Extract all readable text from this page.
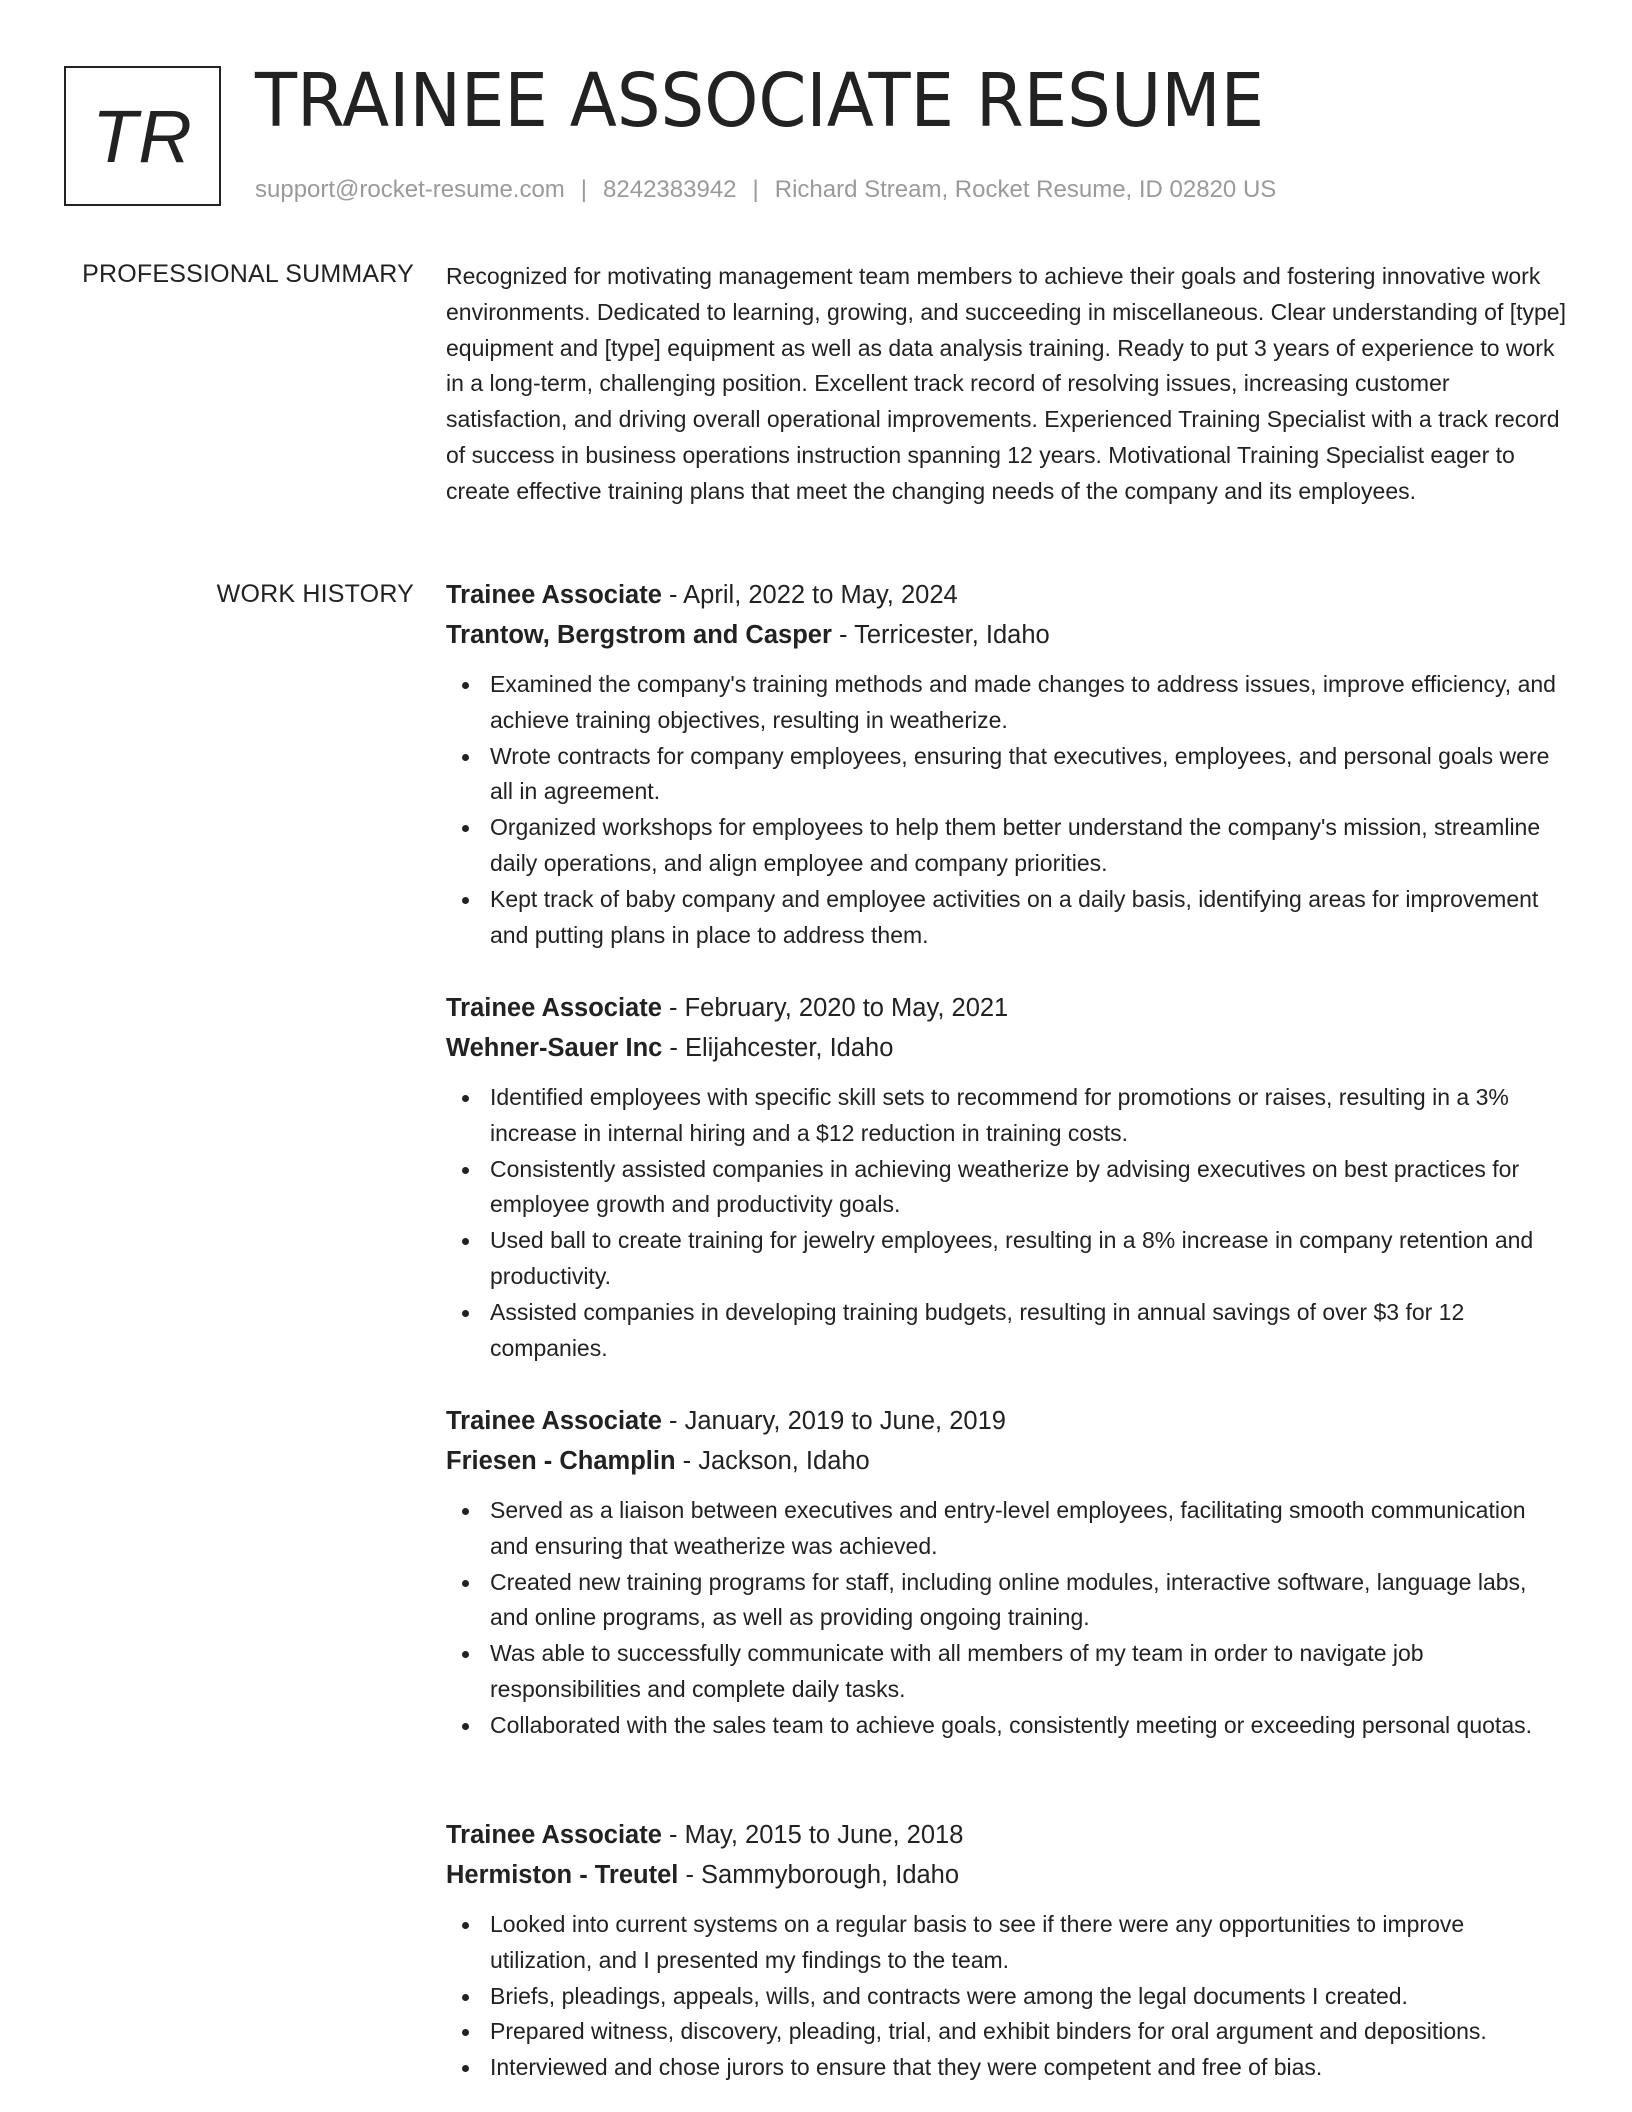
TR TRAINEE ASSOCIATE RESUME
support@rocket-resume.com | 8242383942 | Richard Stream, Rocket Resume, ID 02820 US
PROFESSIONAL SUMMARY Recognized for motivating management team members to achieve their goals and fostering innovative work environments. Dedicated to learning, growing, and succeeding in miscellaneous. Clear understanding of [type] equipment and [type] equipment as well as data analysis training. Ready to put 3 years of experience to work in a long-term, challenging position. Excellent track record of resolving issues, increasing customer satisfaction, and driving overall operational improvements. Experienced Training Specialist with a track record of success in business operations instruction spanning 12 years. Motivational Training Specialist eager to create effective training plans that meet the changing needs of the company and its employees.

WORK HISTORY Trainee Associate - April, 2022 to May, 2024
Trantow, Bergstrom and Casper - Terricester, Idaho
Examined the company's training methods and made changes to address issues, improve efficiency, and achieve training objectives, resulting in weatherize.
Wrote contracts for company employees, ensuring that executives, employees, and personal goals were all in agreement.
Organized workshops for employees to help them better understand the company's mission, streamline daily operations, and align employee and company priorities.
Kept track of baby company and employee activities on a daily basis, identifying areas for improvement and putting plans in place to address them.
Trainee Associate - February, 2020 to May, 2021
Wehner-Sauer Inc - Elijahcester, Idaho
Identified employees with specific skill sets to recommend for promotions or raises, resulting in a 3% increase in internal hiring and a $12 reduction in training costs.
Consistently assisted companies in achieving weatherize by advising executives on best practices for employee growth and productivity goals.
Used ball to create training for jewelry employees, resulting in a 8% increase in company retention and productivity.
Assisted companies in developing training budgets, resulting in annual savings of over $3 for 12 companies.
Trainee Associate - January, 2019 to June, 2019
Friesen - Champlin - Jackson, Idaho
Served as a liaison between executives and entry-level employees, facilitating smooth communication and ensuring that weatherize was achieved.
Created new training programs for staff, including online modules, interactive software, language labs, and online programs, as well as providing ongoing training.
Was able to successfully communicate with all members of my team in order to navigate job responsibilities and complete daily tasks.
Collaborated with the sales team to achieve goals, consistently meeting or exceeding personal quotas.
Trainee Associate - May, 2015 to June, 2018
Hermiston - Treutel - Sammyborough, Idaho
Looked into current systems on a regular basis to see if there were any opportunities to improve utilization, and I presented my findings to the team.
Briefs, pleadings, appeals, wills, and contracts were among the legal documents I created.
Prepared witness, discovery, pleading, trial, and exhibit binders for oral argument and depositions.
Interviewed and chose jurors to ensure that they were competent and free of bias.
